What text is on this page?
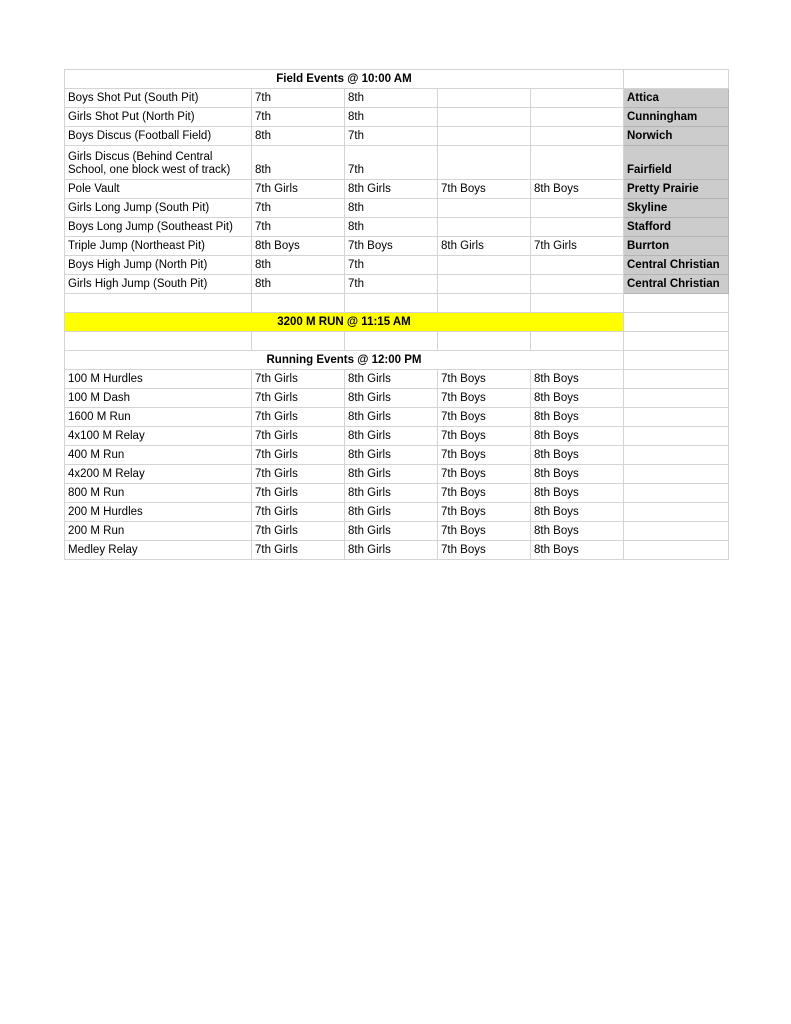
Field Events @ 10:00 AM					
Boys Shot Put (South Pit)	7th	8th			Attica
Girls Shot Put (North Pit)	7th	8th			Cunningham
Boys Discus (Football Field)	8th	7th			Norwich
Girls Discus (Behind Central School, one block west of track)	8th	7th			Fairfield
Pole Vault	7th Girls	8th Girls	7th Boys	8th Boys	Pretty Prairie
Girls Long Jump (South Pit)	7th	8th			Skyline
Boys Long Jump (Southeast Pit)	7th	8th			Stafford
Triple Jump (Northeast Pit)	8th Boys	7th Boys	8th Girls	7th Girls	Burrton
Boys High Jump (North Pit)	8th	7th			Central Christian
Girls High Jump (South Pit)	8th	7th			Central Christian

3200 M RUN @ 11:15 AM					

Running Events @ 12:00 PM					
100 M Hurdles	7th Girls	8th Girls	7th Boys	8th Boys	
100 M Dash	7th Girls	8th Girls	7th Boys	8th Boys	
1600 M Run	7th Girls	8th Girls	7th Boys	8th Boys	
4x100 M Relay	7th Girls	8th Girls	7th Boys	8th Boys	
400 M Run	7th Girls	8th Girls	7th Boys	8th Boys	
4x200 M Relay	7th Girls	8th Girls	7th Boys	8th Boys	
800 M Run	7th Girls	8th Girls	7th Boys	8th Boys	
200 M Hurdles	7th Girls	8th Girls	7th Boys	8th Boys	
200 M Run	7th Girls	8th Girls	7th Boys	8th Boys	
Medley Relay	7th Girls	8th Girls	7th Boys	8th Boys	
